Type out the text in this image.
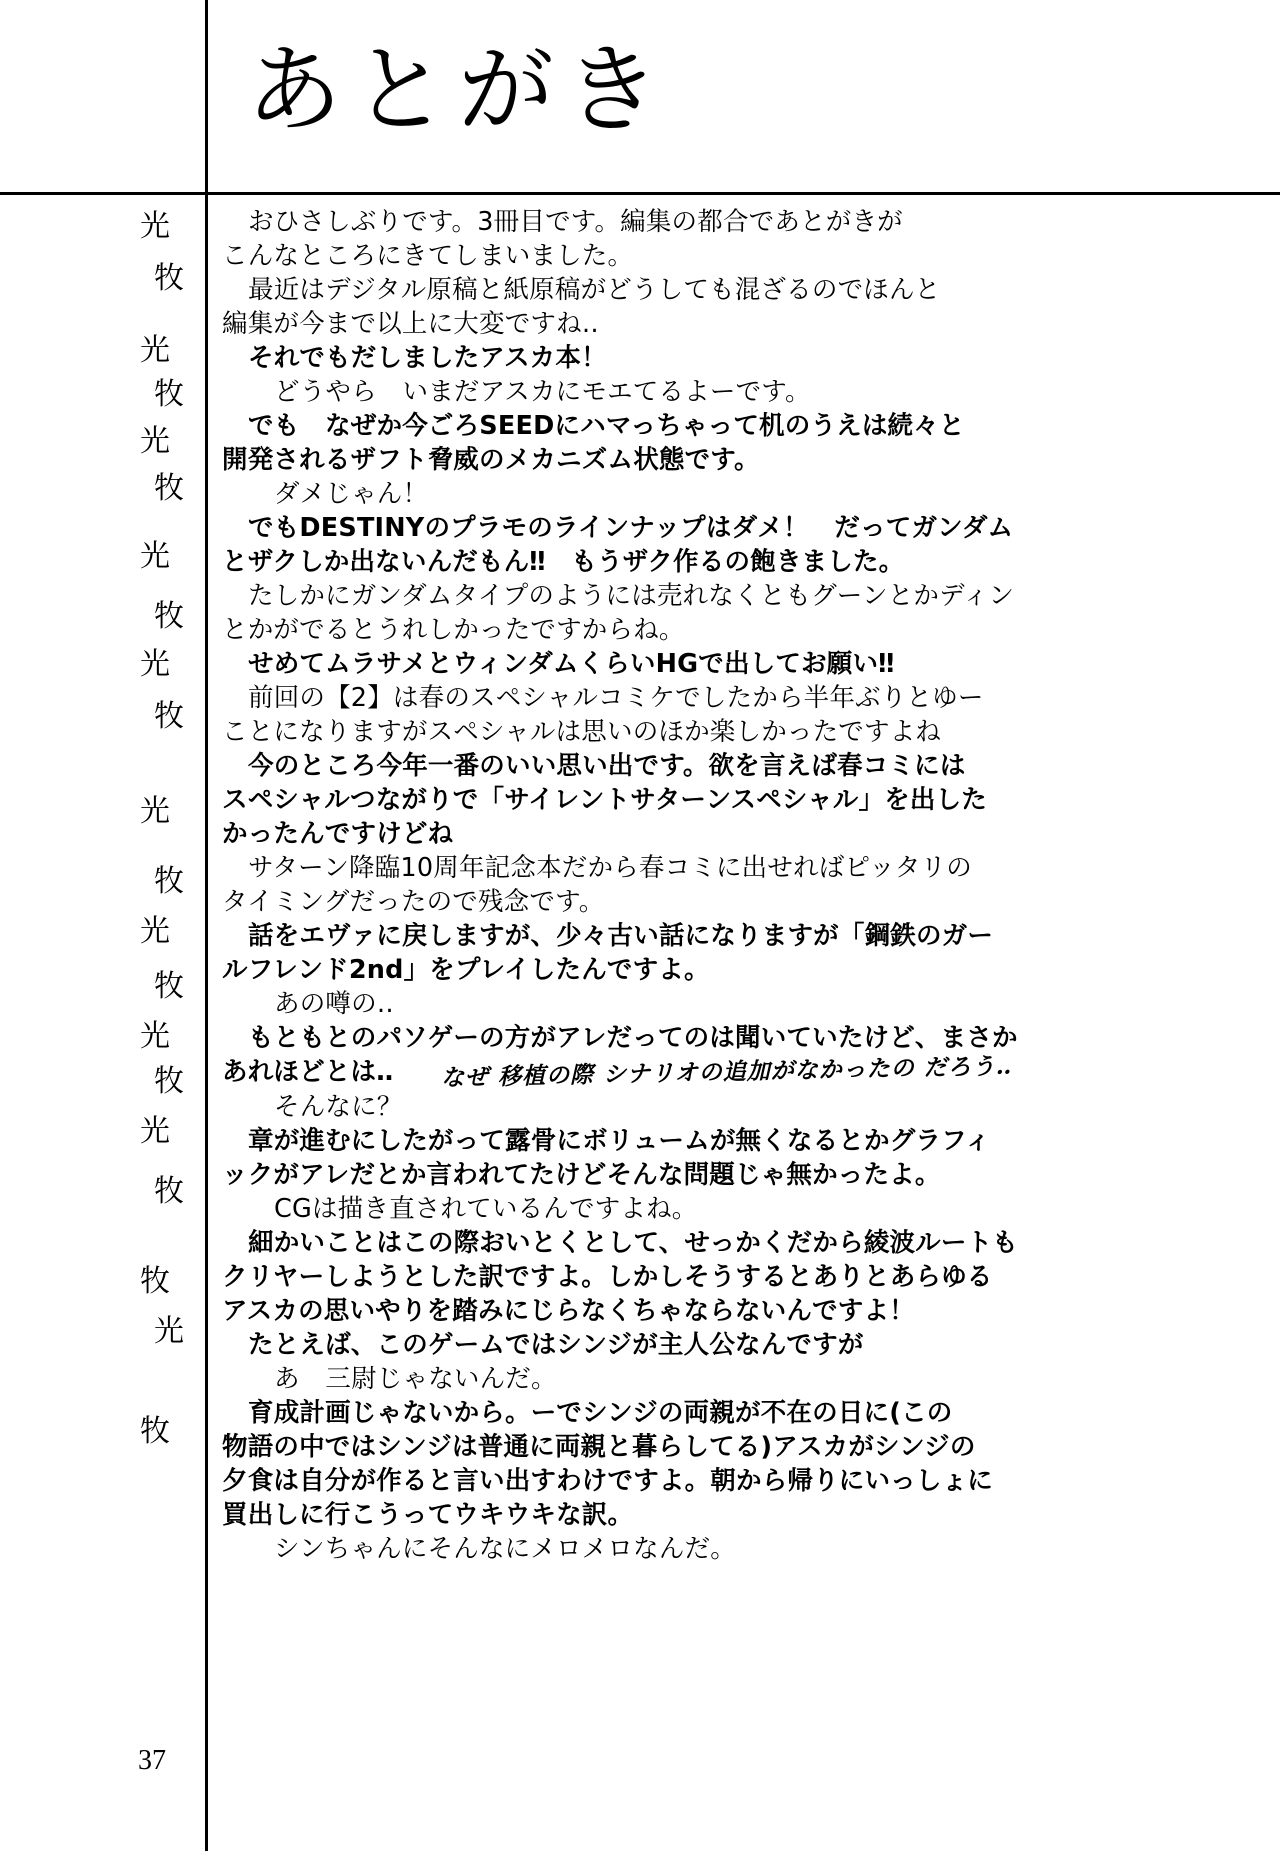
あとがき
光
牧
光
牧
光
牧
光
牧
光
牧
光
牧
光
牧
光
牧
光
牧
牧
光
牧
37
おひさしぶりです。3冊目です。編集の都合であとがきが
こんなところにきてしまいました。
最近はデジタル原稿と紙原稿がどうしても混ざるのでほんと
編集が今まで以上に大変ですね‥
それでもだしましたアスカ本！
どうやら　いまだアスカにモエてるよーです。
でも　なぜか今ごろSEEDにハマっちゃって机のうえは続々と
開発されるザフト脅威のメカニズム状態です。
ダメじゃん！
でもDESTINYのプラモのラインナップはダメ！　だってガンダム
とザクしか出ないんだもん‼　もうザク作るの飽きました。
たしかにガンダムタイプのようには売れなくともグーンとかディン
とかがでるとうれしかったですからね。
せめてムラサメとウィンダムくらいHGで出してお願い‼
前回の【2】は春のスペシャルコミケでしたから半年ぶりとゆー
ことになりますがスペシャルは思いのほか楽しかったですよね
今のところ今年一番のいい思い出です。欲を言えば春コミには
スペシャルつながりで「サイレントサターンスペシャル」を出した
かったんですけどね
サターン降臨10周年記念本だから春コミに出せればピッタリの
タイミングだったので残念です。
話をエヴァに戻しますが、少々古い話になりますが「鋼鉄のガー
ルフレンド2nd」をプレイしたんですよ。
あの噂の‥
もともとのパソゲーの方がアレだってのは聞いていたけど、まさか
あれほどとは‥　　なぜ 移植の際 シナリオの追加がなかったの だろう‥
そんなに？
章が進むにしたがって露骨にボリュームが無くなるとかグラフィ
ックがアレだとか言われてたけどそんな問題じゃ無かったよ。
CGは描き直されているんですよね。
細かいことはこの際おいとくとして、せっかくだから綾波ルートも
クリヤーしようとした訳ですよ。しかしそうするとありとあらゆる
アスカの思いやりを踏みにじらなくちゃならないんですよ！
たとえば、このゲームではシンジが主人公なんですが
あ　三尉じゃないんだ。
育成計画じゃないから。ーでシンジの両親が不在の日に(この
物語の中ではシンジは普通に両親と暮らしてる)アスカがシンジの
夕食は自分が作ると言い出すわけですよ。朝から帰りにいっしょに
買出しに行こうってウキウキな訳。
シンちゃんにそんなにメロメロなんだ。
